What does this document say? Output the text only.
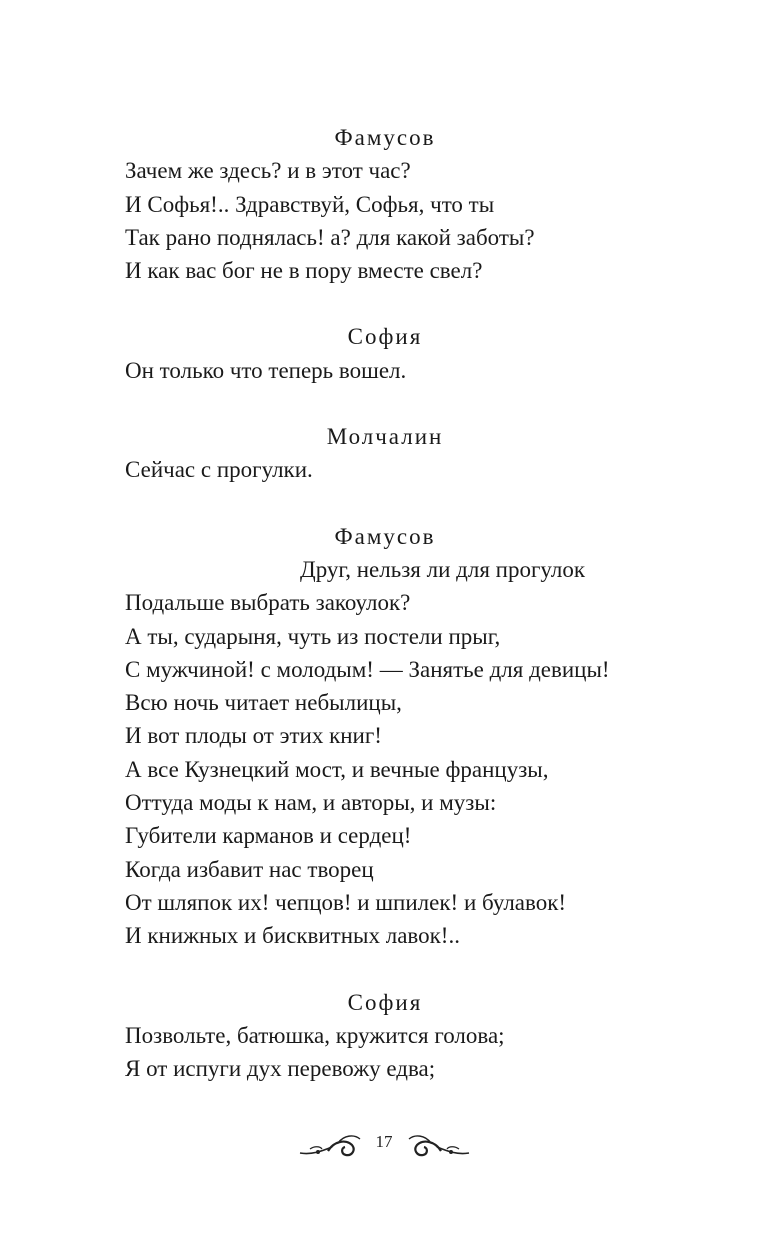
Фамусов
Зачем же здесь? и в этот час?
И Софья!.. Здравствуй, Софья, что ты
Так рано поднялась! а? для какой заботы?
И как вас бог не в пору вместе свел?
София
Он только что теперь вошел.
Молчалин
Сейчас с прогулки.
Фамусов
Друг, нельзя ли для прогулок
Подальше выбрать закоулок?
А ты, сударыня, чуть из постели прыг,
С мужчиной! с молодым! — Занятье для девицы!
Всю ночь читает небылицы,
И вот плоды от этих книг!
А все Кузнецкий мост, и вечные французы,
Оттуда моды к нам, и авторы, и музы:
Губители карманов и сердец!
Когда избавит нас творец
От шляпок их! чепцов! и шпилек! и булавок!
И книжных и бисквитных лавок!..
София
Позвольте, батюшка, кружится голова;
Я от испуги дух перевожу едва;
17
